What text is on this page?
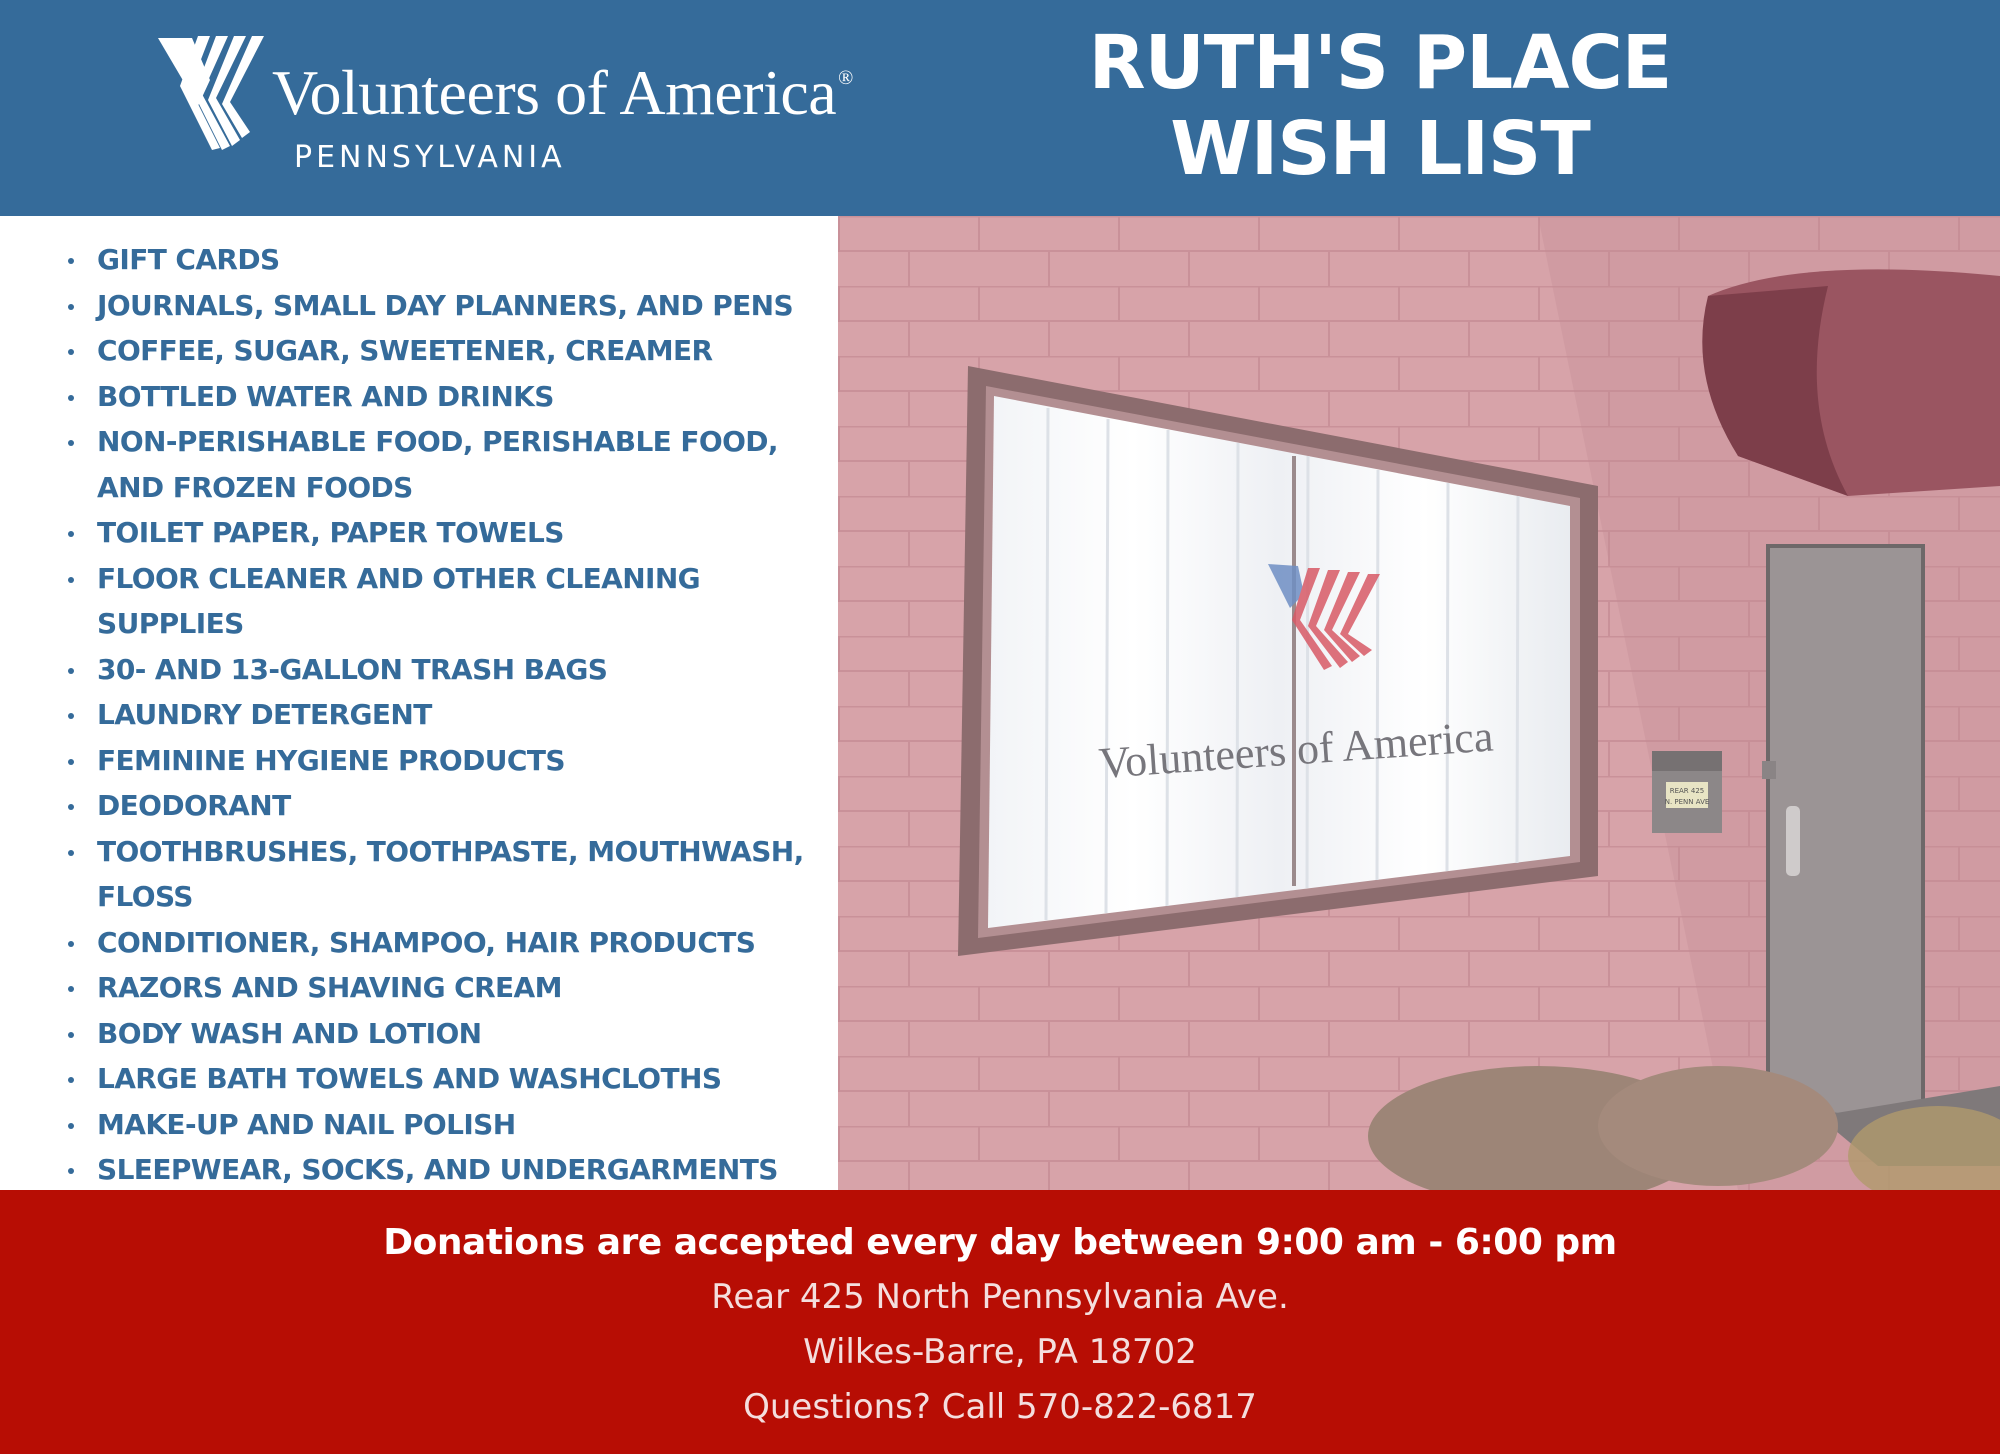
Volunteers of America ®
PENNSYLVANIA
RUTH'S PLACE
WISH LIST
GIFT CARDS
JOURNALS, SMALL DAY PLANNERS, AND PENS
COFFEE, SUGAR, SWEETENER, CREAMER
BOTTLED WATER AND DRINKS
NON-PERISHABLE FOOD, PERISHABLE FOOD, AND FROZEN FOODS
TOILET PAPER, PAPER TOWELS
FLOOR CLEANER AND OTHER CLEANING SUPPLIES
30- AND 13-GALLON TRASH BAGS
LAUNDRY DETERGENT
FEMININE HYGIENE PRODUCTS
DEODORANT
TOOTHBRUSHES, TOOTHPASTE, MOUTHWASH, FLOSS
CONDITIONER, SHAMPOO, HAIR PRODUCTS
RAZORS AND SHAVING CREAM
BODY WASH AND LOTION
LARGE BATH TOWELS AND WASHCLOTHS
MAKE-UP AND NAIL POLISH
SLEEPWEAR, SOCKS, AND UNDERGARMENTS
Volunteers of America
REAR 425
N. PENN AVE
Donations are accepted every day between 9:00 am - 6:00 pm
Rear 425 North Pennsylvania Ave.
Wilkes-Barre, PA 18702
Questions? Call 570-822-6817
